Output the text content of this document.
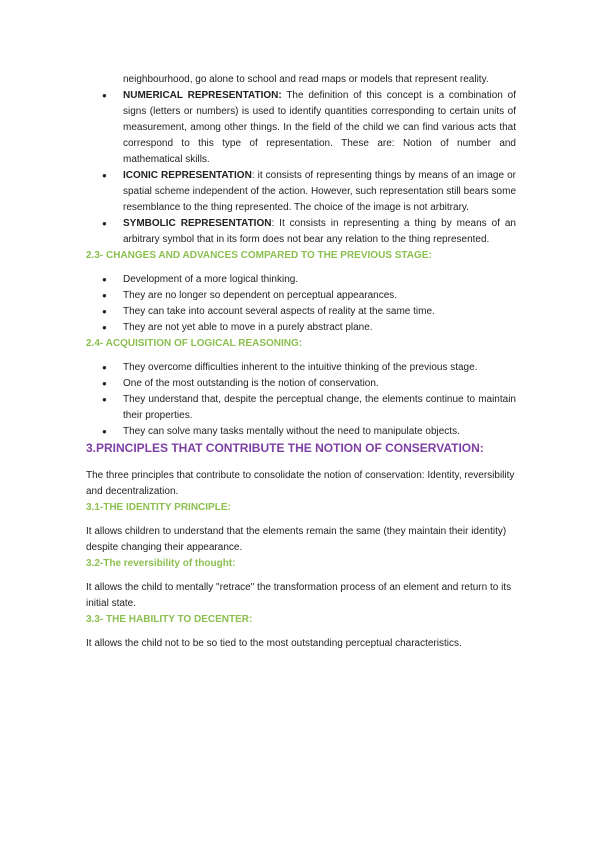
neighbourhood, go alone to school and read maps or models that represent reality.

● NUMERICAL REPRESENTATION: The definition of this concept is a combination of signs (letters or numbers) is used to identify quantities corresponding to certain units of measurement, among other things. In the field of the child we can find various acts that correspond to this type of representation. These are: Notion of number and mathematical skills.
● ICONIC REPRESENTATION: it consists of representing things by means of an image or spatial scheme independent of the action. However, such representation still bears some resemblance to the thing represented. The choice of the image is not arbitrary.
● SYMBOLIC REPRESENTATION: It consists in representing a thing by means of an arbitrary symbol that in its form does not bear any relation to the thing represented.
2.3- CHANGES AND ADVANCES COMPARED TO THE PREVIOUS STAGE:
● Development of a more logical thinking.
● They are no longer so dependent on perceptual appearances.
● They can take into account several aspects of reality at the same time.
● They are not yet able to move in a purely abstract plane.
2.4- ACQUISITION OF LOGICAL REASONING:
● They overcome difficulties inherent to the intuitive thinking of the previous stage.
● One of the most outstanding is the notion of conservation.
● They understand that, despite the perceptual change, the elements continue to maintain their properties.
● They can solve many tasks mentally without the need to manipulate objects.
3.PRINCIPLES THAT CONTRIBUTE THE NOTION OF CONSERVATION:

The three principles that contribute to consolidate the notion of conservation: Identity, reversibility and decentralization.

3.1-THE IDENTITY PRINCIPLE:

It allows children to understand that the elements remain the same (they maintain their identity) despite changing their appearance.

3.2-The reversibility of thought:

It allows the child to mentally "retrace" the transformation process of an element and return to its initial state.

3.3- THE HABILITY TO DECENTER:

It allows the child not to be so tied to the most outstanding perceptual characteristics.
